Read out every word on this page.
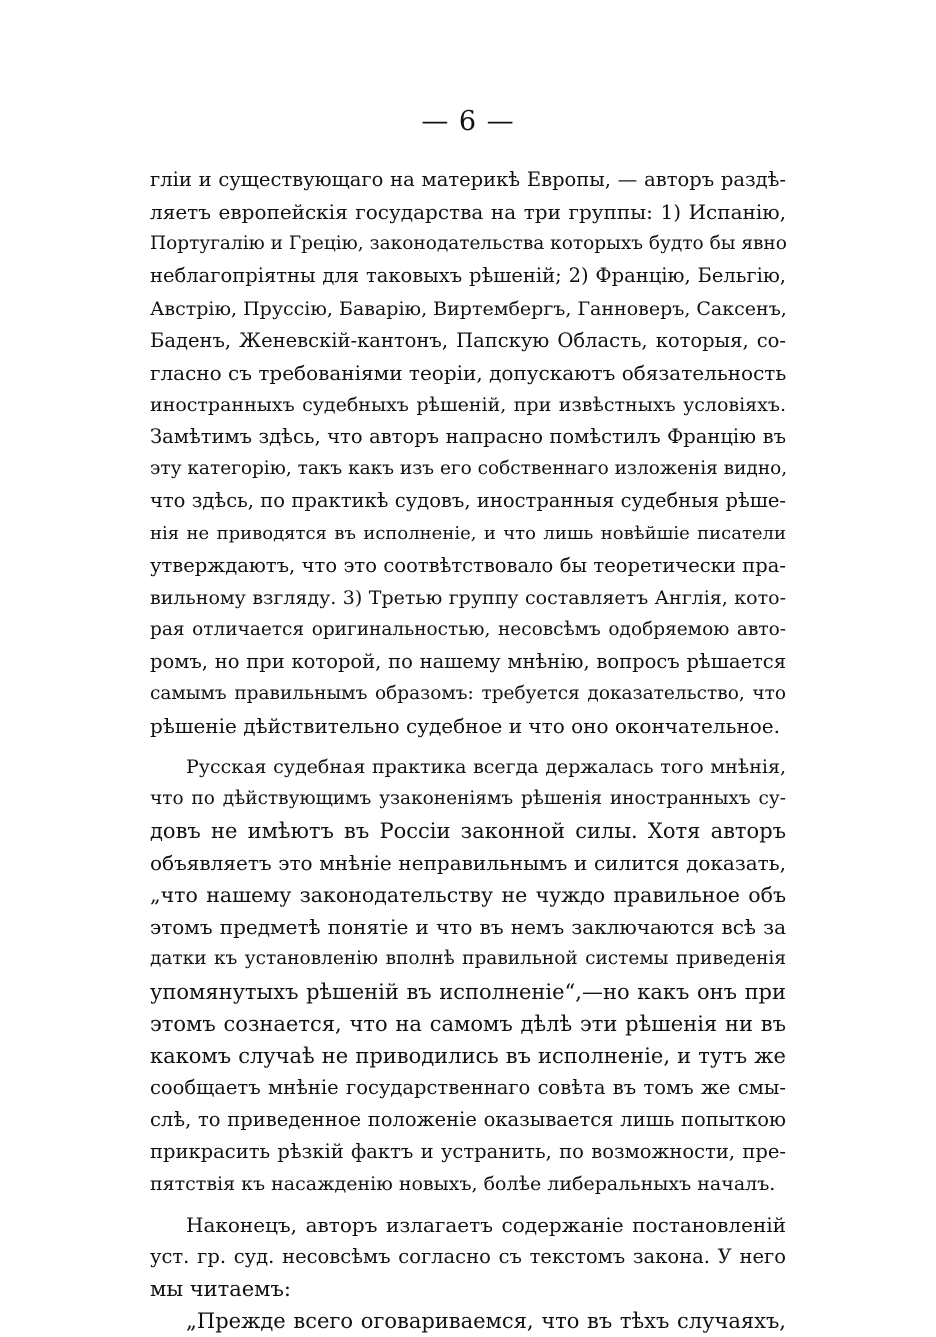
— 6 —
гліи и существующаго на материкѣ Европы, — авторъ раздѣ-
ляетъ европейскія государства на три группы: 1) Испанію,
Португалію и Грецію, законодательства которыхъ будто бы явно
неблагопріятны для таковыхъ рѣшеній; 2) Францію, Бельгію,
Австрію, Пруссію, Баварію, Виртембергъ, Ганноверъ, Саксенъ,
Баденъ, Женевскій-кантонъ, Папскую Область, которыя, со-
гласно съ требованіями теоріи, допускаютъ обязательность
иностранныхъ судебныхъ рѣшеній, при извѣстныхъ условіяхъ.
Замѣтимъ здѣсь, что авторъ напрасно помѣстилъ Францію въ
эту категорію, такъ какъ изъ его собственнаго изложенія видно,
что здѣсь, по практикѣ судовъ, иностранныя судебныя рѣше-
нія не приводятся въ исполненіе, и что лишь новѣйшіе писатели
утверждаютъ, что это соотвѣтствовало бы теоретически пра-
вильному взгляду. 3) Третью группу составляетъ Англія, кото-
рая отличается оригинальностью, несовсѣмъ одобряемою авто-
ромъ, но при которой, по нашему мнѣнію, вопросъ рѣшается
самымъ правильнымъ образомъ: требуется доказательство, что
рѣшеніе дѣйствительно судебное и что оно окончательное.
Русская судебная практика всегда держалась того мнѣнія,
что по дѣйствующимъ узаконеніямъ рѣшенія иностранныхъ су-
довъ не имѣютъ въ Россіи законной силы. Хотя авторъ
объявляетъ это мнѣніе неправильнымъ и силится доказать,
„что нашему законодательству не чуждо правильное объ
этомъ предметѣ понятіе и что въ немъ заключаются всѣ за
датки къ установленію вполнѣ правильной системы приведенія
упомянутыхъ рѣшеній въ исполненіе“,—но какъ онъ при
этомъ сознается, что на самомъ дѣлѣ эти рѣшенія ни въ
какомъ случаѣ не приводились въ исполненіе, и тутъ же
сообщаетъ мнѣніе государственнаго совѣта въ томъ же смы-
слѣ, то приведенное положеніе оказывается лишь попыткою
прикрасить рѣзкій фактъ и устранить, по возможности, пре-
пятствія къ насажденію новыхъ, болѣе либеральныхъ началъ.
Наконецъ, авторъ излагаетъ содержаніе постановленій
уст. гр. суд. несовсѣмъ согласно съ текстомъ закона. У него
мы читаемъ:
„Прежде всего оговариваемся, что въ тѣхъ случаяхъ,
